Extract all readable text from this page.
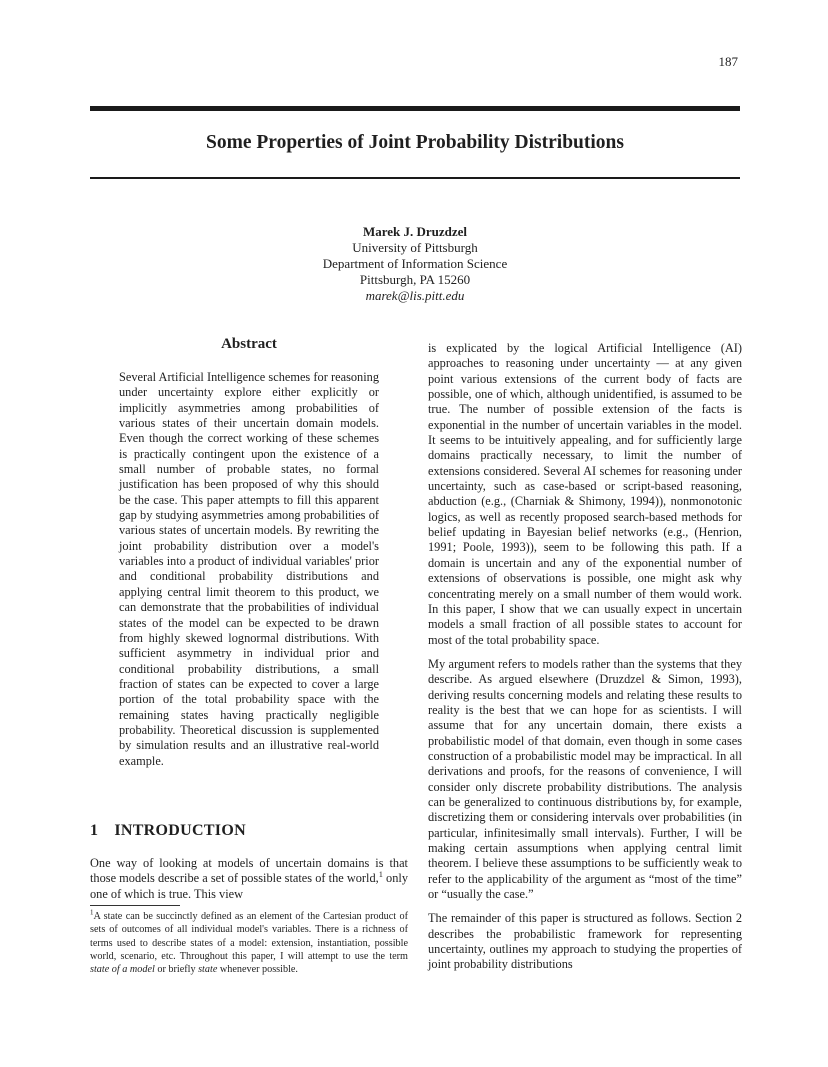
187
Some Properties of Joint Probability Distributions
Marek J. Druzdzel
University of Pittsburgh
Department of Information Science
Pittsburgh, PA 15260
marek@lis.pitt.edu
Abstract

Several Artificial Intelligence schemes for reasoning under uncertainty explore either explicitly or implicitly asymmetries among probabilities of various states of their uncertain domain models. Even though the correct working of these schemes is practically contingent upon the existence of a small number of probable states, no formal justification has been proposed of why this should be the case. This paper attempts to fill this apparent gap by studying asymmetries among probabilities of various states of uncertain models. By rewriting the joint probability distribution over a model's variables into a product of individual variables' prior and conditional probability distributions and applying central limit theorem to this product, we can demonstrate that the probabilities of individual states of the model can be expected to be drawn from highly skewed lognormal distributions. With sufficient asymmetry in individual prior and conditional probability distributions, a small fraction of states can be expected to cover a large portion of the total probability space with the remaining states having practically negligible probability. Theoretical discussion is supplemented by simulation results and an illustrative real-world example.

1 INTRODUCTION

One way of looking at models of uncertain domains is that those models describe a set of possible states of the world,$^1$ only one of which is true. This view

$^1$A state can be succinctly defined as an element of the Cartesian product of sets of outcomes of all individual model's variables. There is a richness of terms used to describe states of a model: extension, instantiation, possible world, scenario, etc. Throughout this paper, I will attempt to use the term state of a model or briefly state whenever possible.

is explicated by the logical Artificial Intelligence (AI) approaches to reasoning under uncertainty — at any given point various extensions of the current body of facts are possible, one of which, although unidentified, is assumed to be true. The number of possible extension of the facts is exponential in the number of uncertain variables in the model. It seems to be intuitively appealing, and for sufficiently large domains practically necessary, to limit the number of extensions considered. Several AI schemes for reasoning under uncertainty, such as case-based or script-based reasoning, abduction (e.g., (Charniak & Shimony, 1994)), nonmonotonic logics, as well as recently proposed search-based methods for belief updating in Bayesian belief networks (e.g., (Henrion, 1991; Poole, 1993)), seem to be following this path. If a domain is uncertain and any of the exponential number of extensions of observations is possible, one might ask why concentrating merely on a small number of them would work. In this paper, I show that we can usually expect in uncertain models a small fraction of all possible states to account for most of the total probability space.

My argument refers to models rather than the systems that they describe. As argued elsewhere (Druzdzel & Simon, 1993), deriving results concerning models and relating these results to reality is the best that we can hope for as scientists. I will assume that for any uncertain domain, there exists a probabilistic model of that domain, even though in some cases construction of a probabilistic model may be impractical. In all derivations and proofs, for the reasons of convenience, I will consider only discrete probability distributions. The analysis can be generalized to continuous distributions by, for example, discretizing them or considering intervals over probabilities (in particular, infinitesimally small intervals). Further, I will be making certain assumptions when applying central limit theorem. I believe these assumptions to be sufficiently weak to refer to the applicability of the argument as “most of the time” or “usually the case.”

The remainder of this paper is structured as follows. Section 2 describes the probabilistic framework for representing uncertainty, outlines my approach to studying the properties of joint probability distributions
